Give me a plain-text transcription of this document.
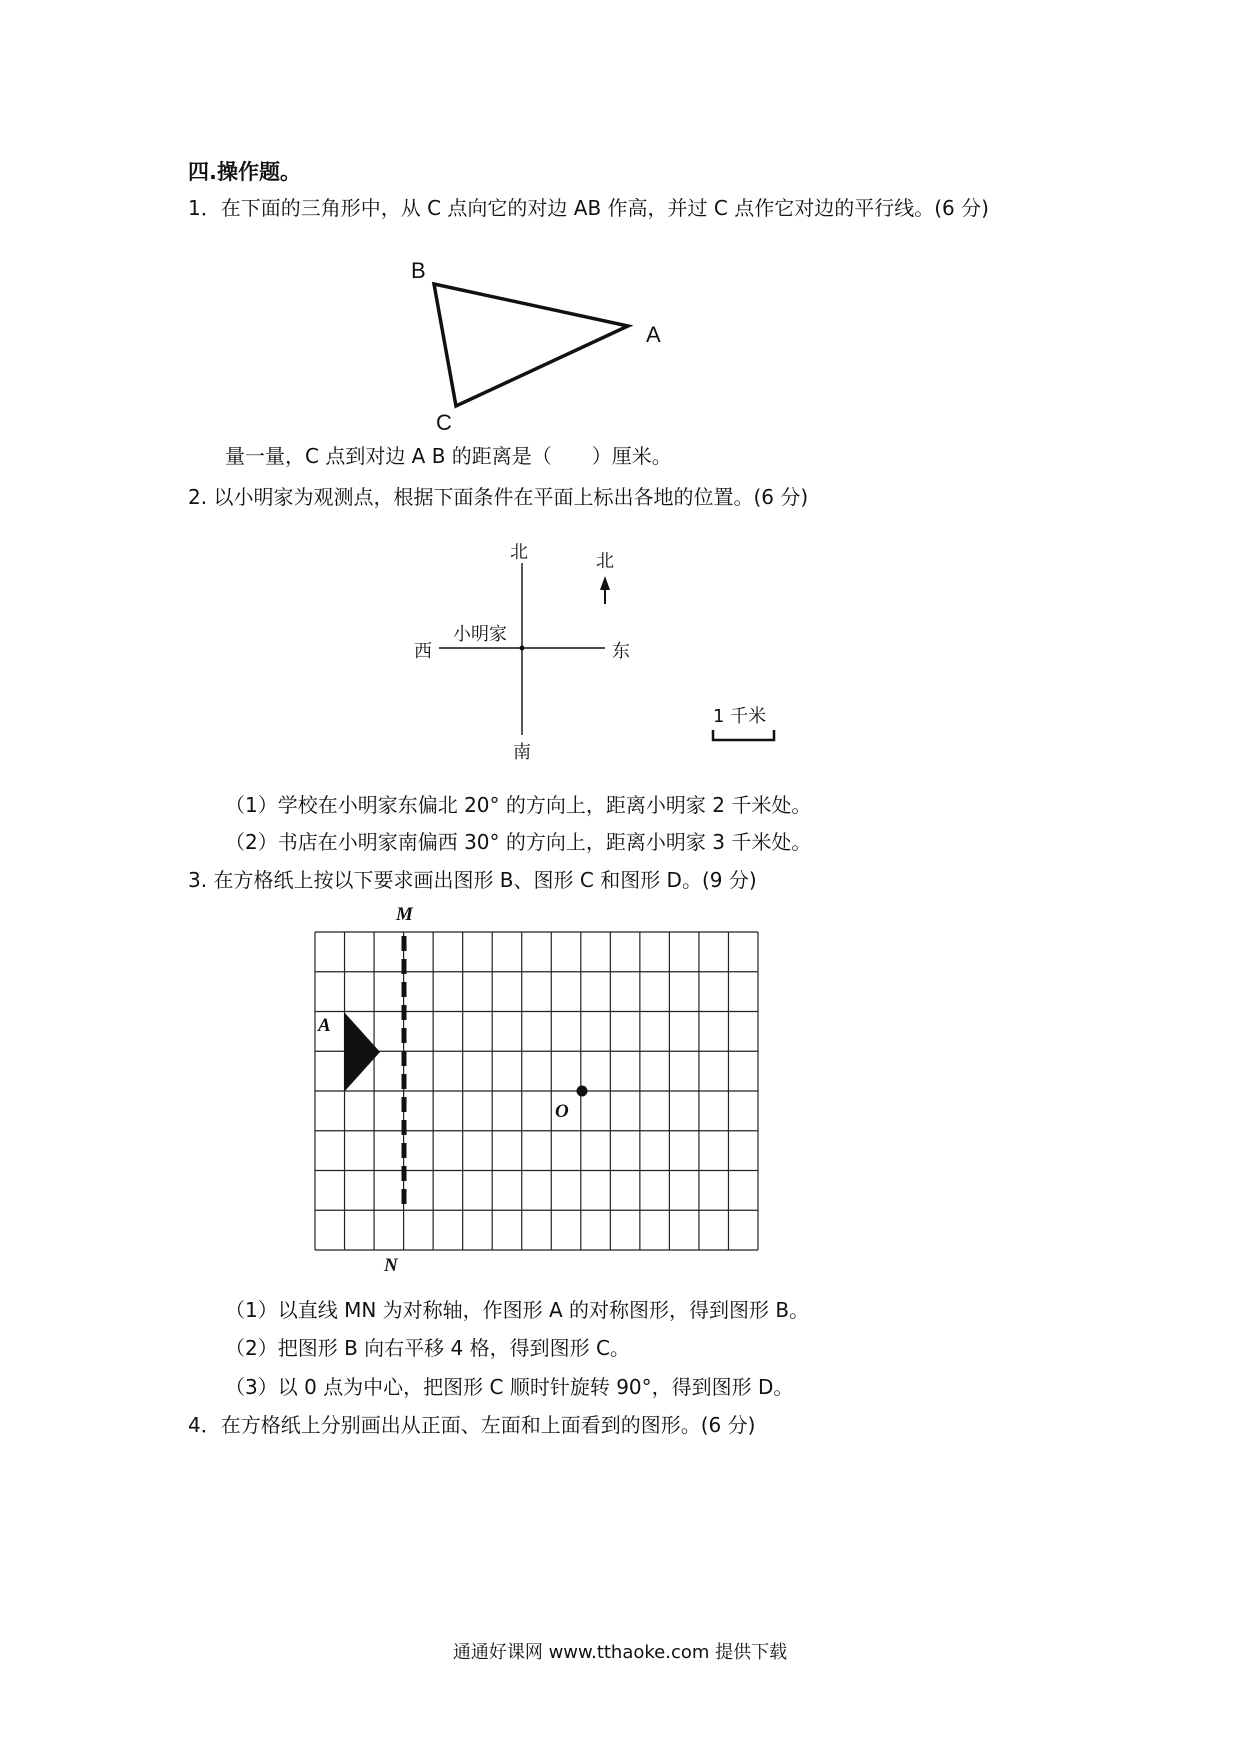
四.操作题。
1．在下面的三角形中，从 C 点向它的对边 AB 作高，并过 C 点作它对边的平行线。(6 分)
A
B
C
北
南
东
西
小明家
北
1 千米
M
N
A
O
量一量，C 点到对边 A B 的距离是（　　）厘米。
2. 以小明家为观测点，根据下面条件在平面上标出各地的位置。(6 分)
（1）学校在小明家东偏北 20° 的方向上，距离小明家 2 千米处。
（2）书店在小明家南偏西 30° 的方向上，距离小明家 3 千米处。
3. 在方格纸上按以下要求画出图形 B、图形 C 和图形 D。(9 分)
（1）以直线 MN 为对称轴，作图形 A 的对称图形，得到图形 B。
（2）把图形 B 向右平移 4 格，得到图形 C。
（3）以 0 点为中心，把图形 C 顺时针旋转 90°，得到图形 D。
4．在方格纸上分别画出从正面、左面和上面看到的图形。(6 分)
通通好课网 www.tthaoke.com 提供下载
